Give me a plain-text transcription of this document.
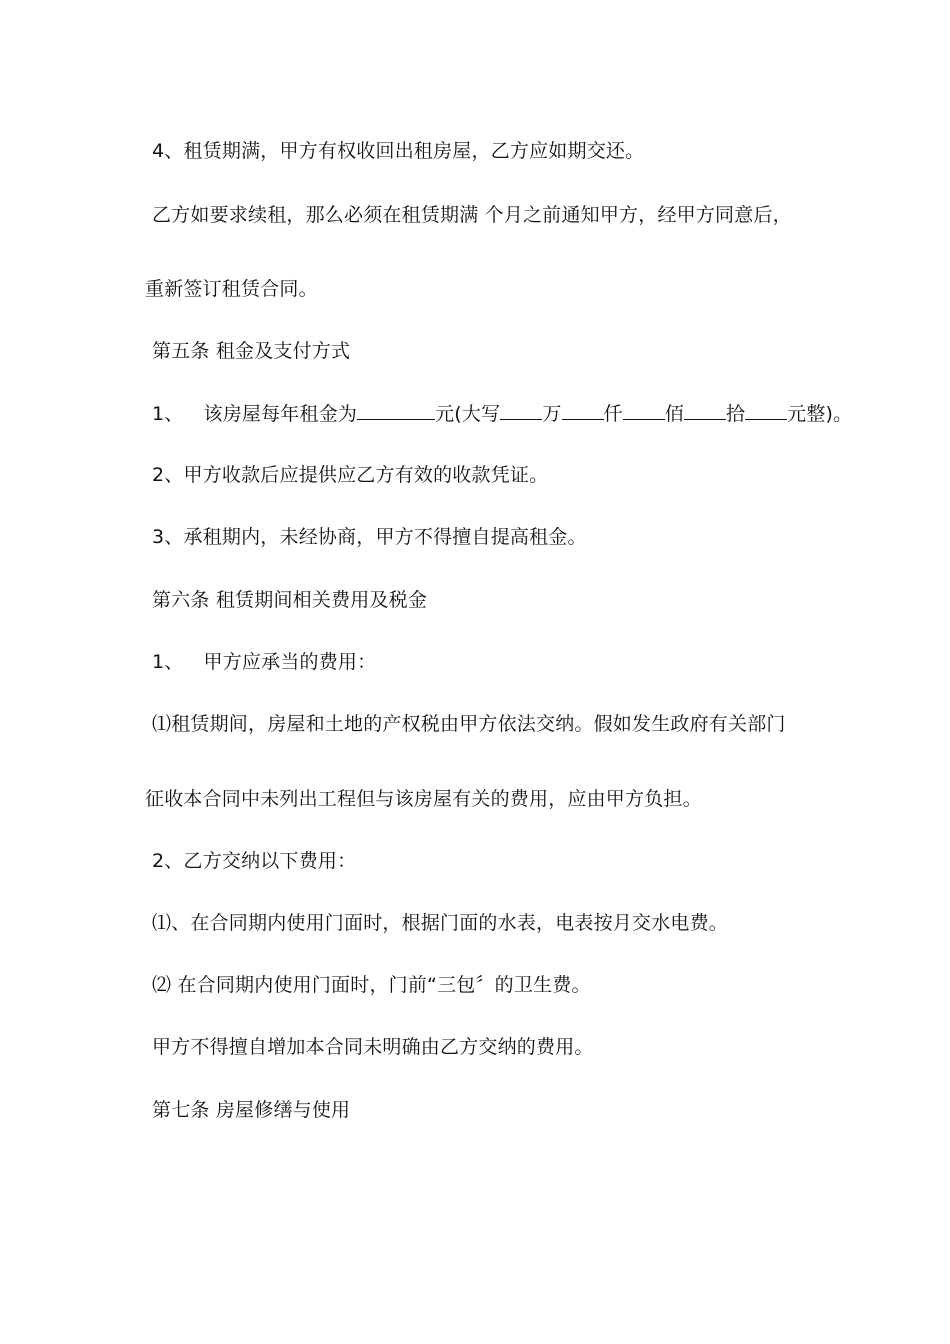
4、租赁期满，甲方有权收回出租房屋，乙方应如期交还。
乙方如要求续租，那么必须在租赁期满 个月之前通知甲方，经甲方同意后，
重新签订租赁合同。
第五条 租金及支付方式
1、 该房屋每年租金为	元(大写 万 仟 佰 拾 元整)。
2、甲方收款后应提供应乙方有效的收款凭证。
3、承租期内，未经协商，甲方不得擅自提高租金。
第六条 租赁期间相关费用及税金
1、 甲方应承当的费用：
⑴租赁期间，房屋和土地的产权税由甲方依法交纳。假如发生政府有关部门
征收本合同中未列出工程但与该房屋有关的费用，应由甲方负担。
2、乙方交纳以下费用：
⑴、在合同期内使用门面时，根据门面的水表，电表按月交水电费。
⑵ 在合同期内使用门面时，门前“三包〞的卫生费。
甲方不得擅自增加本合同未明确由乙方交纳的费用。
第七条 房屋修缮与使用
